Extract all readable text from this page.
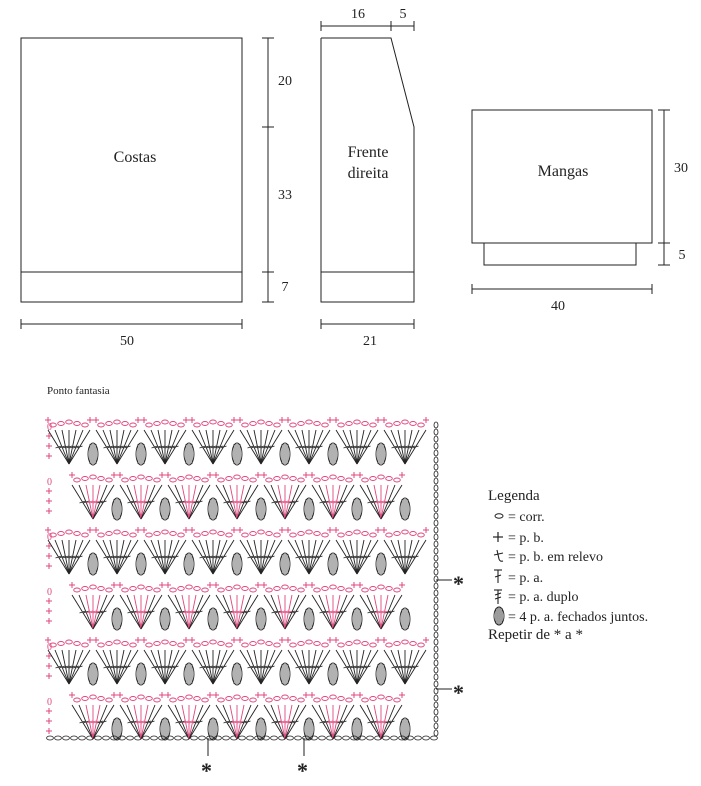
Costas
20
33
7
50
Frente
direita
16 5
21
Mangas	30
5
40
Ponto fantasia
0
0
0
0
0
0
*
*
*	*
Legenda
= corr.
= p. b.
= p. b. em relevo
= p. a.
= p. a. duplo
= 4 p. a. fechados juntos.
Repetir de * a *
